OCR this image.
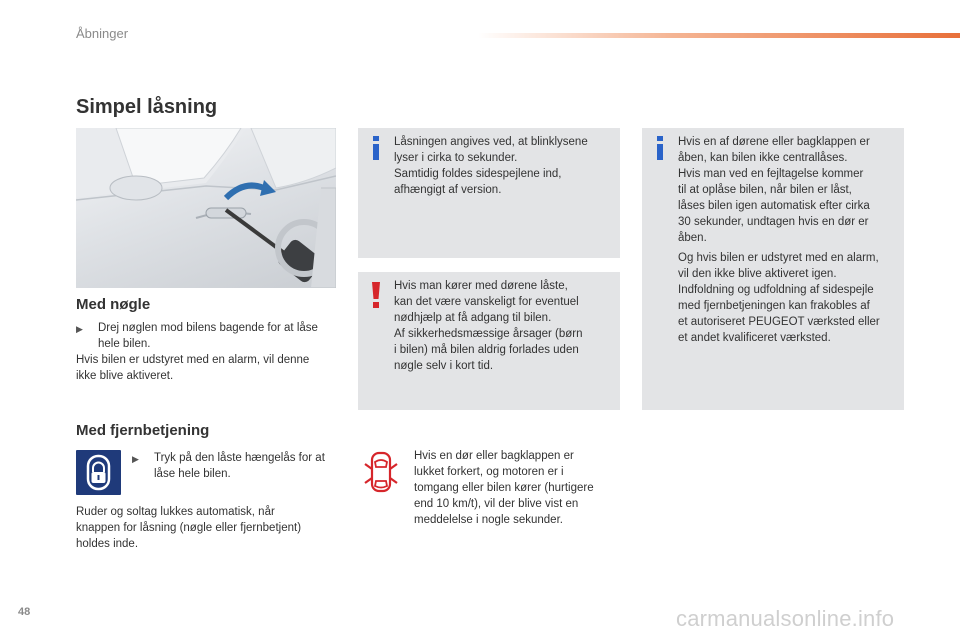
Åbninger
Simpel låsning
Med nøgle
▶	Drej nøglen mod bilens bagende for at låse
hele bilen.
Hvis bilen er udstyret med en alarm, vil denne
ikke blive aktiveret.
Med fjernbetjening
▶	Tryk på den låste hængelås for at
låse hele bilen.
Ruder og soltag lukkes automatisk, når
knappen for låsning (nøgle eller fjernbetjent)
holdes inde.
Låsningen angives ved, at blinklysene
lyser i cirka to sekunder.
Samtidig foldes sidespejlene ind,
afhængigt af version.
Hvis man kører med dørene låste,
kan det være vanskeligt for eventuel
nødhjælp at få adgang til bilen.
Af sikkerhedsmæssige årsager (børn
i bilen) må bilen aldrig forlades uden
nøgle selv i kort tid.
Hvis en af dørene eller bagklappen er
åben, kan bilen ikke centrallåses.
Hvis man ved en fejltagelse kommer
til at oplåse bilen, når bilen er låst,
låses bilen igen automatisk efter cirka
30 sekunder, undtagen hvis en dør er
åben.
Og hvis bilen er udstyret med en alarm,
vil den ikke blive aktiveret igen.
Indfoldning og udfoldning af sidespejle
med fjernbetjeningen kan frakobles af
et autoriseret PEUGEOT værksted eller
et andet kvalificeret værksted.
Hvis en dør eller bagklappen er
lukket forkert, og motoren er i
tomgang eller bilen kører (hurtigere
end 10 km/t), vil der blive vist en
meddelelse i nogle sekunder.
48	carmanualsonline.info
